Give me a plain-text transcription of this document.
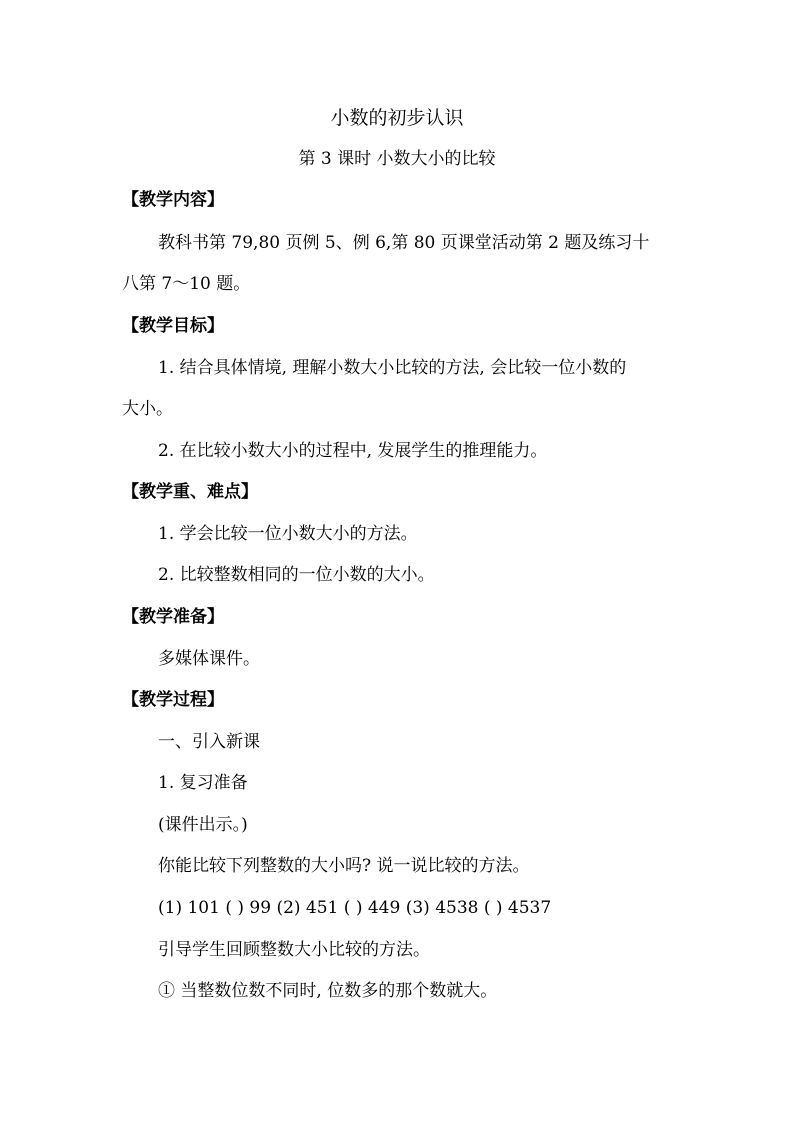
小数的初步认识
第 3 课时 小数大小的比较
【教学内容】
教科书第 79,80 页例 5、例 6,第 80 页课堂活动第 2 题及练习十
八第 7～10 题。
【教学目标】
1. 结合具体情境, 理解小数大小比较的方法, 会比较一位小数的
大小。
2. 在比较小数大小的过程中, 发展学生的推理能力。
【教学重、难点】
1. 学会比较一位小数大小的方法。
2. 比较整数相同的一位小数的大小。
【教学准备】
多媒体课件。
【教学过程】
一、引入新课
1. 复习准备
(课件出示。)
你能比较下列整数的大小吗? 说一说比较的方法。
(1) 101 ( ) 99 (2) 451 ( ) 449 (3) 4538 ( ) 4537
引导学生回顾整数大小比较的方法。
① 当整数位数不同时, 位数多的那个数就大。
